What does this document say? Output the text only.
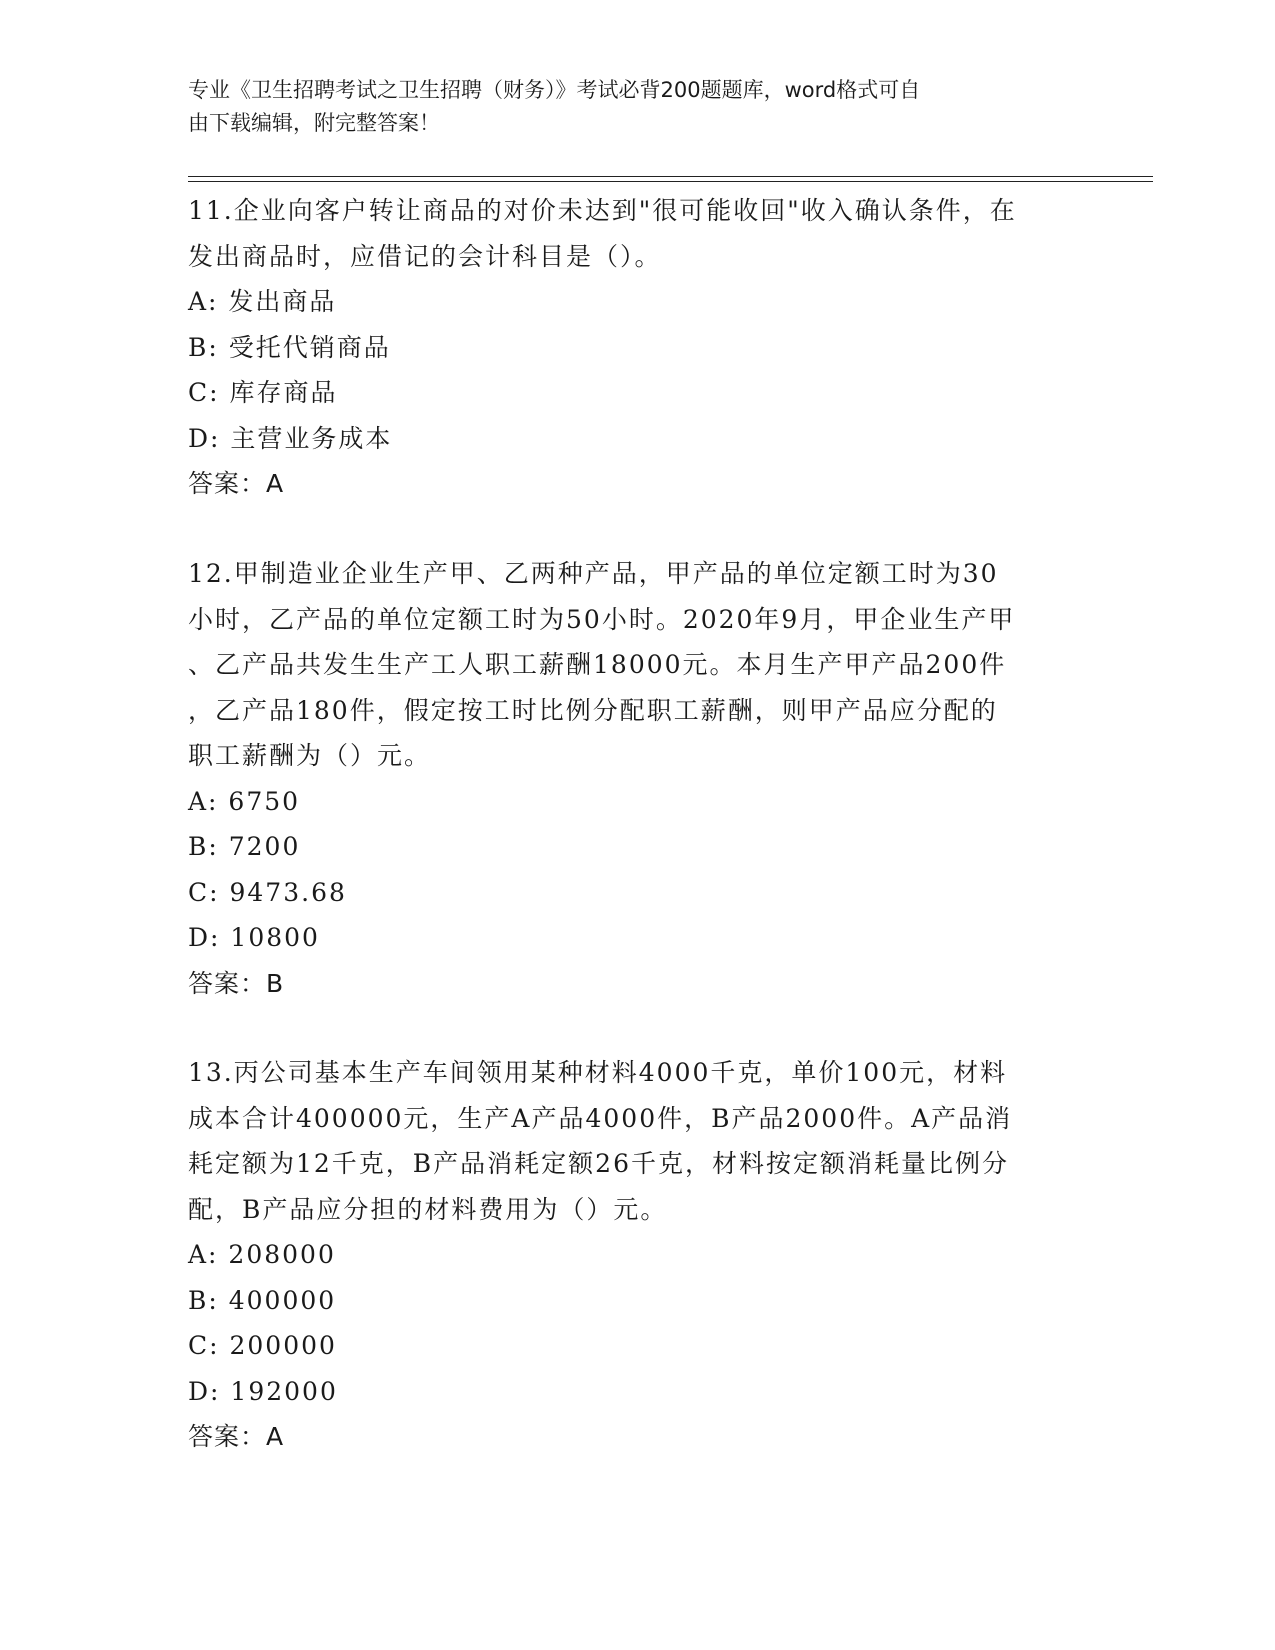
专业《卫生招聘考试之卫生招聘（财务）》考试必背200题题库，word格式可自
由下载编辑，附完整答案！
11.企业向客户转让商品的对价未达到"很可能收回"收入确认条件，在
发出商品时，应借记的会计科目是（）。
A: 发出商品
B: 受托代销商品
C: 库存商品
D: 主营业务成本
答案：A
12.甲制造业企业生产甲、乙两种产品，甲产品的单位定额工时为30
小时，乙产品的单位定额工时为50小时。2020年9月，甲企业生产甲
、乙产品共发生生产工人职工薪酬18000元。本月生产甲产品200件
，乙产品180件，假定按工时比例分配职工薪酬，则甲产品应分配的
职工薪酬为（）元。
A: 6750
B: 7200
C: 9473.68
D: 10800
答案：B
13.丙公司基本生产车间领用某种材料4000千克，单价100元，材料
成本合计400000元，生产A产品4000件，B产品2000件。A产品消
耗定额为12千克，B产品消耗定额26千克，材料按定额消耗量比例分
配，B产品应分担的材料费用为（）元。
A: 208000
B: 400000
C: 200000
D: 192000
答案：A
